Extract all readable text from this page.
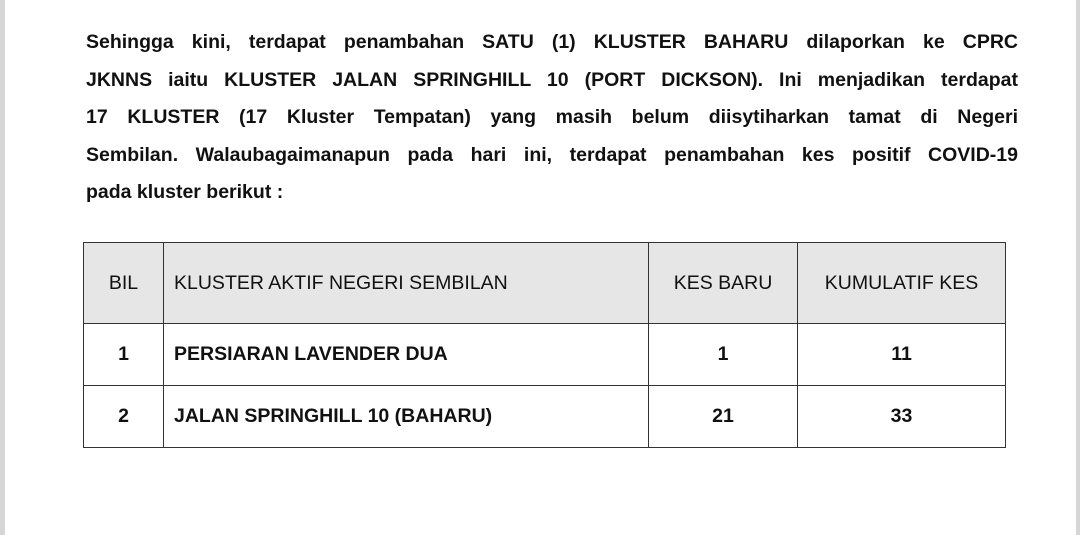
Sehingga kini, terdapat penambahan SATU (1) KLUSTER BAHARU dilaporkan ke CPRC
JKNNS iaitu KLUSTER JALAN SPRINGHILL 10 (PORT DICKSON). Ini menjadikan terdapat
17 KLUSTER (17 Kluster Tempatan) yang masih belum diisytiharkan tamat di Negeri
Sembilan. Walaubagaimanapun pada hari ini, terdapat penambahan kes positif COVID-19
pada kluster berikut :
BIL	KLUSTER AKTIF NEGERI SEMBILAN	KES BARU	KUMULATIF KES
1	PERSIARAN LAVENDER DUA	1	11
2	JALAN SPRINGHILL 10 (BAHARU)	21	33
